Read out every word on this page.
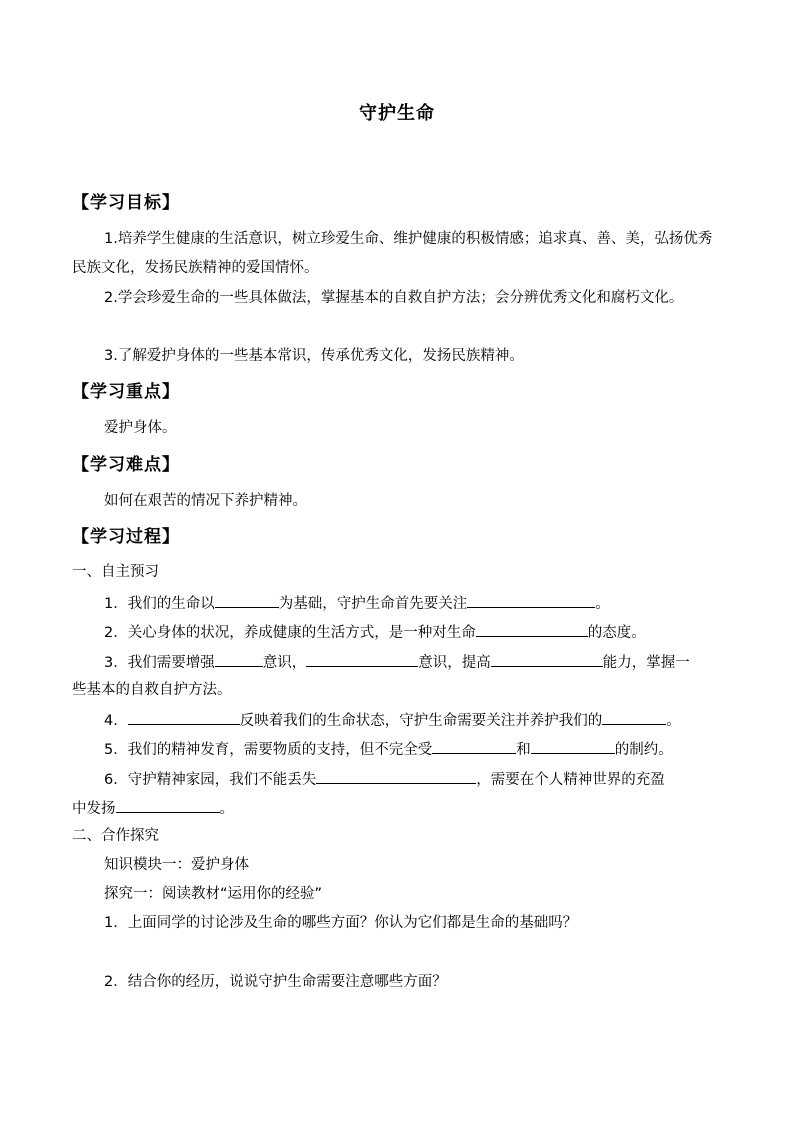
守护生命
【学习目标】
1.培养学生健康的生活意识，树立珍爱生命、维护健康的积极情感；追求真、善、美，弘扬优秀民族文化，发扬民族精神的爱国情怀。
2.学会珍爱生命的一些具体做法，掌握基本的自救自护方法；会分辨优秀文化和腐朽文化。
3.了解爱护身体的一些基本常识，传承优秀文化，发扬民族精神。
【学习重点】
爱护身体。
【学习难点】
如何在艰苦的情况下养护精神。
【学习过程】
一、自主预习
1．我们的生命以	为基础，守护生命首先要关注	。
2．关心身体的状况，养成健康的生活方式，是一种对生命	的态度。
3．我们需要增强	意识，	意识，提高	能力，掌握一
些基本的自救自护方法。
4．	反映着我们的生命状态，守护生命需要关注并养护我们的	。
5．我们的精神发育，需要物质的支持，但不完全受	和	的制约。
6．守护精神家园，我们不能丢失	，需要在个人精神世界的充盈
中发扬	。
二、合作探究
知识模块一：爱护身体
探究一：阅读教材“运用你的经验”
1．上面同学的讨论涉及生命的哪些方面？你认为它们都是生命的基础吗？
2．结合你的经历，说说守护生命需要注意哪些方面？
